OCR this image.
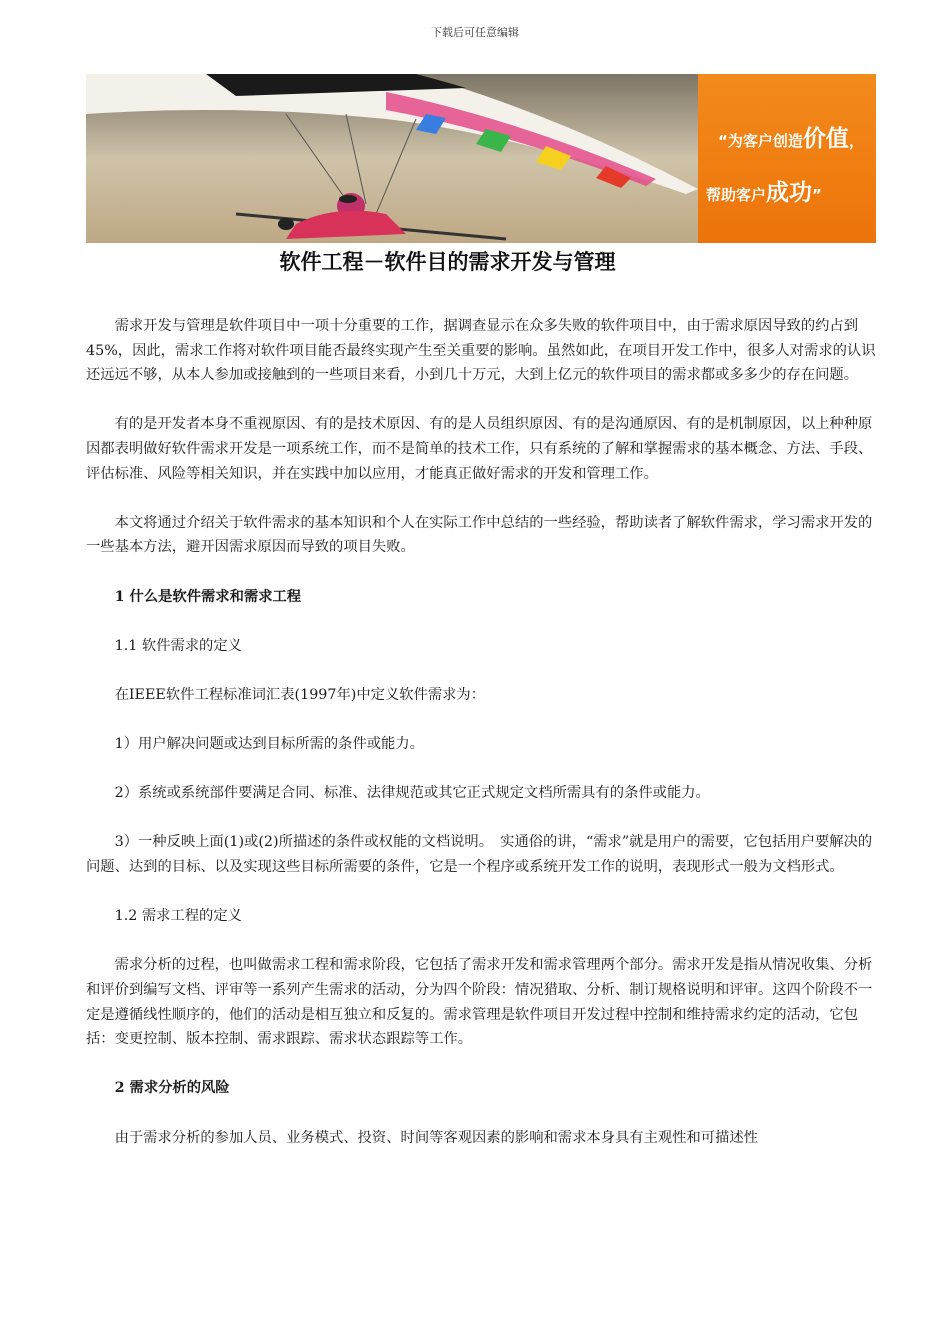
下载后可任意编辑
“为客户创造价值，
帮助客户成功”
软件工程－软件目的需求开发与管理

需求开发与管理是软件项目中一项十分重要的工作，据调查显示在众多失败的软件项目中，由于需求原因导致的约占到45%，因此，需求工作将对软件项目能否最终实现产生至关重要的影响。虽然如此，在项目开发工作中，很多人对需求的认识还远远不够，从本人参加或接触到的一些项目来看，小到几十万元，大到上亿元的软件项目的需求都或多多少的存在问题。

有的是开发者本身不重视原因、有的是技术原因、有的是人员组织原因、有的是沟通原因、有的是机制原因，以上种种原因都表明做好软件需求开发是一项系统工作，而不是简单的技术工作，只有系统的了解和掌握需求的基本概念、方法、手段、评估标准、风险等相关知识，并在实践中加以应用，才能真正做好需求的开发和管理工作。

本文将通过介绍关于软件需求的基本知识和个人在实际工作中总结的一些经验，帮助读者了解软件需求，学习需求开发的一些基本方法，避开因需求原因而导致的项目失败。

1 什么是软件需求和需求工程

1.1 软件需求的定义

在IEEE软件工程标准词汇表(1997年)中定义软件需求为：

1）用户解决问题或达到目标所需的条件或能力。

2）系统或系统部件要满足合同、标准、法律规范或其它正式规定文档所需具有的条件或能力。

3）一种反映上面(1)或(2)所描述的条件或权能的文档说明。　实通俗的讲，“需求”就是用户的需要，它包括用户要解决的问题、达到的目标、以及实现这些目标所需要的条件，它是一个程序或系统开发工作的说明，表现形式一般为文档形式。

1.2 需求工程的定义

需求分析的过程，也叫做需求工程和需求阶段，它包括了需求开发和需求管理两个部分。需求开发是指从情况收集、分析和评价到编写文档、评审等一系列产生需求的活动，分为四个阶段：情况猎取、分析、制订规格说明和评审。这四个阶段不一定是遵循线性顺序的，他们的活动是相互独立和反复的。需求管理是软件项目开发过程中控制和维持需求约定的活动，它包括：变更控制、版本控制、需求跟踪、需求状态跟踪等工作。

2 需求分析的风险

由于需求分析的参加人员、业务模式、投资、时间等客观因素的影响和需求本身具有主观性和可描述性
